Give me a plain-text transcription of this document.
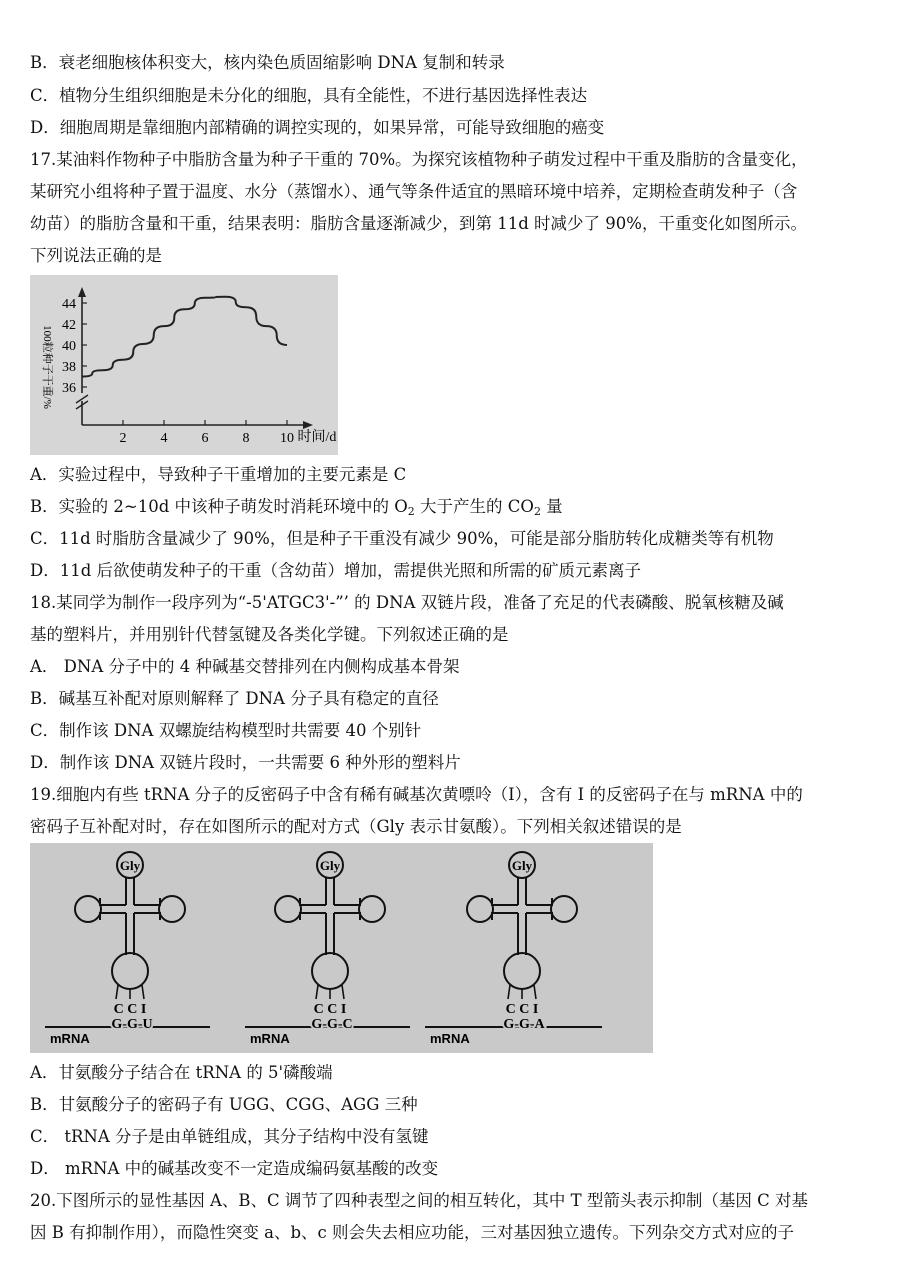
B．衰老细胞核体积变大，核内染色质固缩影响 DNA 复制和转录
C．植物分生组织细胞是未分化的细胞，具有全能性，不进行基因选择性表达
D．细胞周期是靠细胞内部精确的调控实现的，如果异常，可能导致细胞的癌变
17.某油料作物种子中脂肪含量为种子干重的 70%。为探究该植物种子萌发过程中干重及脂肪的含量变化，
某研究小组将种子置于温度、水分（蒸馏水）、通气等条件适宜的黑暗环境中培养，定期检查萌发种子（含
幼苗）的脂肪含量和干重，结果表明：脂肪含量逐渐减少，到第 11d 时减少了 90%，干重变化如图所示。
下列说法正确的是
2 4 6 8 10
36
38
40
42
44
100粒种子干重/%
时间/d
A．实验过程中，导致种子干重增加的主要元素是 C
B．实验的 2~10d 中该种子萌发时消耗环境中的 $O_2$ 大于产生的 $CO_2$ 量
C．11d 时脂肪含量减少了 90%，但是种子干重没有减少 90%，可能是部分脂肪转化成糖类等有机物
D．11d 后欲使萌发种子的干重（含幼苗）增加，需提供光照和所需的矿质元素离子
18.某同学为制作一段序列为“-5'ATGC3'-”’ 的 DNA 双链片段，准备了充足的代表磷酸、脱氧核糖及碱
基的塑料片，并用别针代替氢键及各类化学键。下列叙述正确的是
A． DNA 分子中的 4 种碱基交替排列在内侧构成基本骨架
B．碱基互补配对原则解释了 DNA 分子具有稳定的直径
C．制作该 DNA 双螺旋结构模型时共需要 40 个别针
D．制作该 DNA 双链片段时，一共需要 6 种外形的塑料片
19.细胞内有些 tRNA 分子的反密码子中含有稀有碱基次黄嘌呤（I），含有 I 的反密码子在与 mRNA 中的
密码子互补配对时，存在如图所示的配对方式（Gly 表示甘氨酸）。下列相关叙述错误的是
Gly
C C I
mRNA
G-G-U
Gly
C C I
mRNA
G-G-C
Gly
C C I
mRNA
G-G-A
A．甘氨酸分子结合在 tRNA 的 5'磷酸端
B．甘氨酸分子的密码子有 UGG、CGG、AGG 三种
C． tRNA 分子是由单链组成，其分子结构中没有氢键
D． mRNA 中的碱基改变不一定造成编码氨基酸的改变
20.下图所示的显性基因 A、B、C 调节了四种表型之间的相互转化，其中 T 型箭头表示抑制（基因 C 对基
因 B 有抑制作用），而隐性突变 a、b、c 则会失去相应功能，三对基因独立遗传。下列杂交方式对应的子
